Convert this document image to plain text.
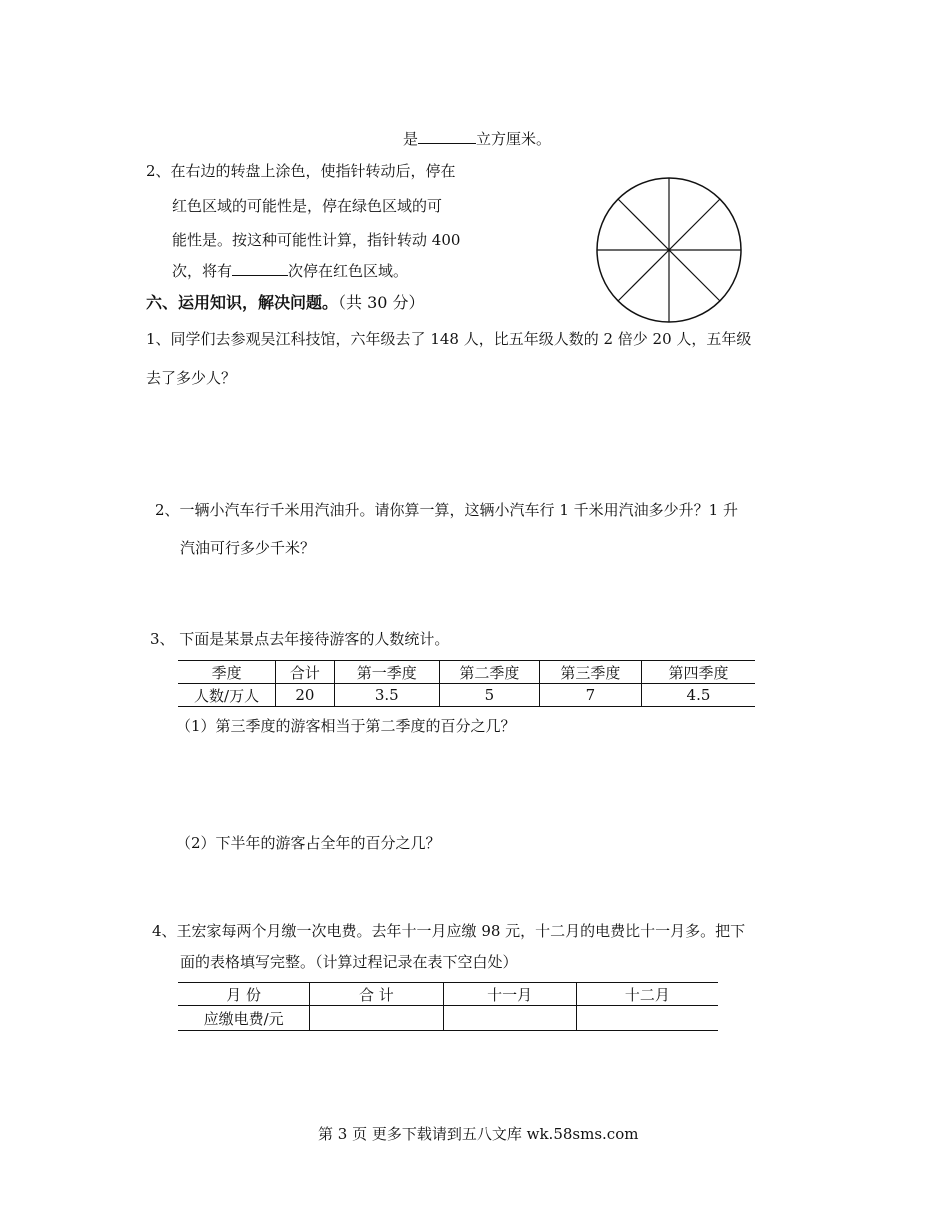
是	立方厘米。
2、在右边的转盘上涂色，使指针转动后，停在
红色区域的可能性是，停在绿色区域的可
能性是。按这种可能性计算，指针转动 400
次，将有	次停在红色区域。
六、运用知识，解决问题。（共 30 分）
1、同学们去参观吴江科技馆，六年级去了 148 人，比五年级人数的 2 倍少 20 人，五年级
去了多少人？
2、一辆小汽车行千米用汽油升。请你算一算，这辆小汽车行 1 千米用汽油多少升？1 升
汽油可行多少千米？
3、 下面是某景点去年接待游客的人数统计。
季度	合计	第一季度	第二季度	第三季度	第四季度
人数/万人	20	3.5	5	7	4.5
（1）第三季度的游客相当于第二季度的百分之几？
（2）下半年的游客占全年的百分之几？
4、王宏家每两个月缴一次电费。去年十一月应缴 98 元，十二月的电费比十一月多。把下
面的表格填写完整。（计算过程记录在表下空白处）
月 份	合 计	十一月	十二月
应缴电费/元			
第 3 页 更多下载请到五八文库 wk.58sms.com
